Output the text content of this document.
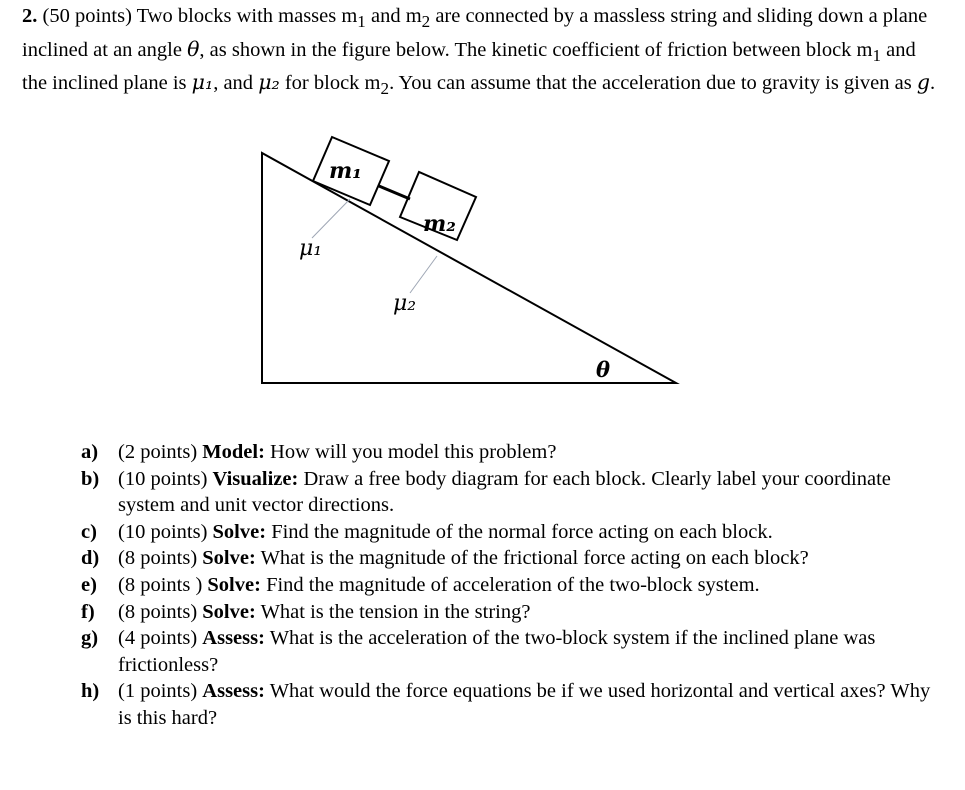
2. (50 points) Two blocks with masses $m_1$ and $m_2$ are connected by a massless string and sliding down a plane inclined at an angle θ, as shown in the figure below. The kinetic coefficient of friction between block $m_1$ and the inclined plane is μ₁, and μ₂ for block $m_2$. You can assume that the acceleration due to gravity is given as g.
m₁
m₂
μ₁
μ₂
θ
a) (2 points) Model: How will you model this problem?
b) (10 points) Visualize: Draw a free body diagram for each block. Clearly label your coordinate system and unit vector directions.
c) (10 points) Solve: Find the magnitude of the normal force acting on each block.
d) (8 points) Solve: What is the magnitude of the frictional force acting on each block?
e) (8 points ) Solve: Find the magnitude of acceleration of the two-block system.
f) (8 points) Solve: What is the tension in the string?
g) (4 points) Assess: What is the acceleration of the two-block system if the inclined plane was frictionless?
h) (1 points) Assess: What would the force equations be if we used horizontal and vertical axes? Why is this hard?
